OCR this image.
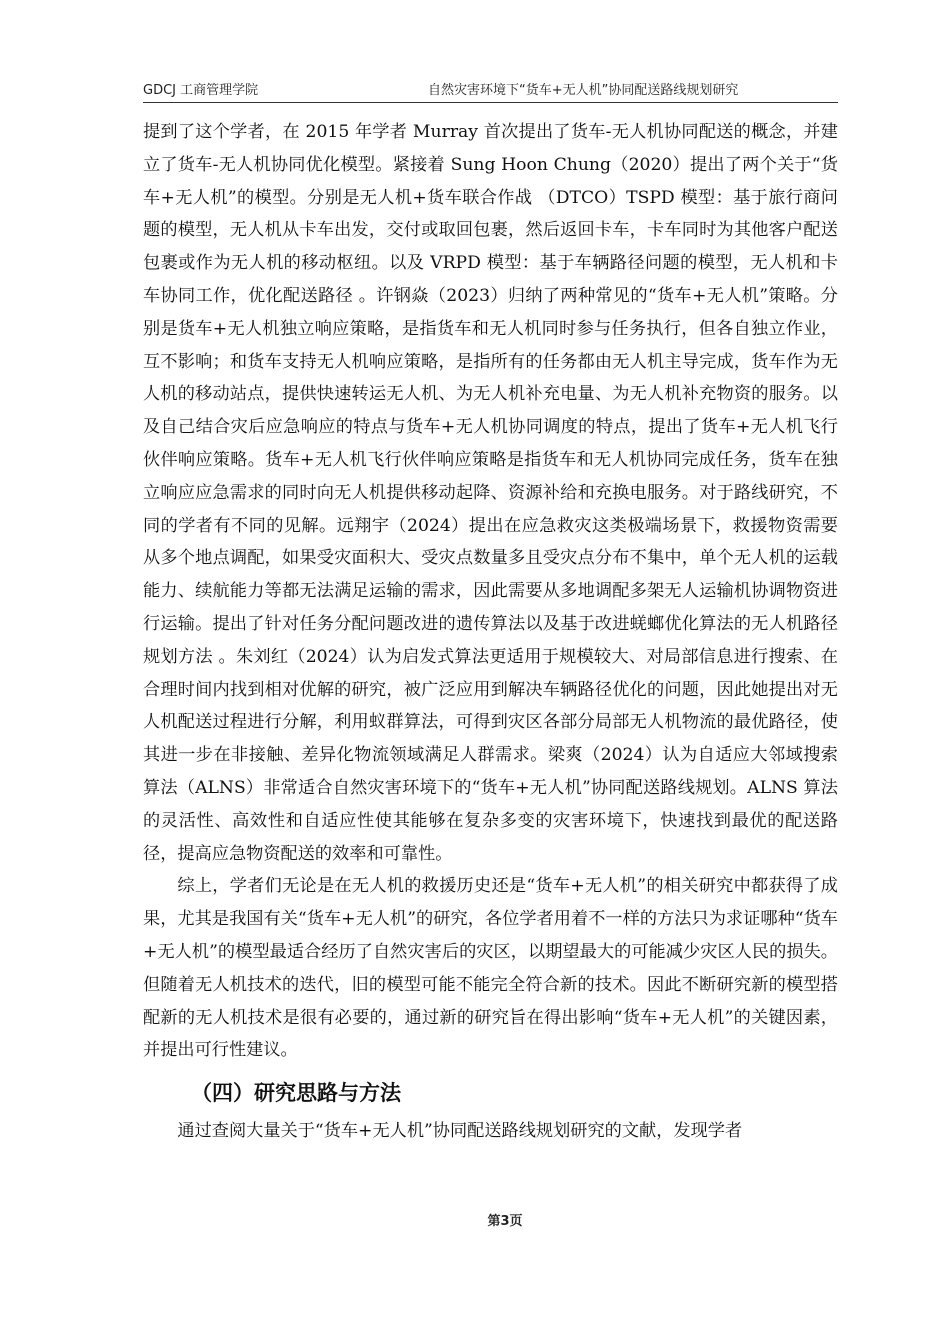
GDCJ 工商管理学院	自然灾害环境下“货车+无人机”协同配送路线规划研究

提到了这个学者，在 2015 年学者 Murray 首次提出了货车-无人机协同配送的概念，并建立了货车-无人机协同优化模型。紧接着 Sung Hoon Chung（2020）提出了两个关于“货车+无人机”的模型。分别是无人机+货车联合作战 （DTCO）TSPD 模型：基于旅行商问题的模型，无人机从卡车出发，交付或取回包裹，然后返回卡车，卡车同时为其他客户配送包裹或作为无人机的移动枢纽。以及 VRPD 模型：基于车辆路径问题的模型，无人机和卡车协同工作，优化配送路径 。许钢焱（2023）归纳了两种常见的“货车+无人机”策略。分别是货车+无人机独立响应策略，是指货车和无人机同时参与任务执行，但各自独立作业，互不影响；和货车支持无人机响应策略，是指所有的任务都由无人机主导完成，货车作为无人机的移动站点，提供快速转运无人机、为无人机补充电量、为无人机补充物资的服务。以及自己结合灾后应急响应的特点与货车+无人机协同调度的特点，提出了货车+无人机飞行伙伴响应策略。货车+无人机飞行伙伴响应策略是指货车和无人机协同完成任务，货车在独立响应应急需求的同时向无人机提供移动起降、资源补给和充换电服务。对于路线研究，不同的学者有不同的见解。远翔宇（2024）提出在应急救灾这类极端场景下，救援物资需要从多个地点调配，如果受灾面积大、受灾点数量多且受灾点分布不集中，单个无人机的运载能力、续航能力等都无法满足运输的需求，因此需要从多地调配多架无人运输机协调物资进行运输。提出了针对任务分配问题改进的遗传算法以及基于改进蜣螂优化算法的无人机路径规划方法 。朱刘红（2024）认为启发式算法更适用于规模较大、对局部信息进行搜索、在合理时间内找到相对优解的研究，被广泛应用到解决车辆路径优化的问题，因此她提出对无人机配送过程进行分解，利用蚁群算法，可得到灾区各部分局部无人机物流的最优路径，使其进一步在非接触、差异化物流领域满足人群需求。梁爽（2024）认为自适应大邻域搜索算法（ALNS）非常适合自然灾害环境下的“货车+无人机”协同配送路线规划。ALNS 算法的灵活性、高效性和自适应性使其能够在复杂多变的灾害环境下，快速找到最优的配送路径，提高应急物资配送的效率和可靠性。

综上，学者们无论是在无人机的救援历史还是“货车+无人机”的相关研究中都获得了成果，尤其是我国有关“货车+无人机”的研究，各位学者用着不一样的方法只为求证哪种“货车+无人机”的模型最适合经历了自然灾害后的灾区，以期望最大的可能减少灾区人民的损失。但随着无人机技术的迭代，旧的模型可能不能完全符合新的技术。因此不断研究新的模型搭配新的无人机技术是很有必要的，通过新的研究旨在得出影响“货车+无人机”的关键因素，并提出可行性建议。

（四）研究思路与方法

通过查阅大量关于“货车+无人机”协同配送路线规划研究的文献，发现学者

第3页
